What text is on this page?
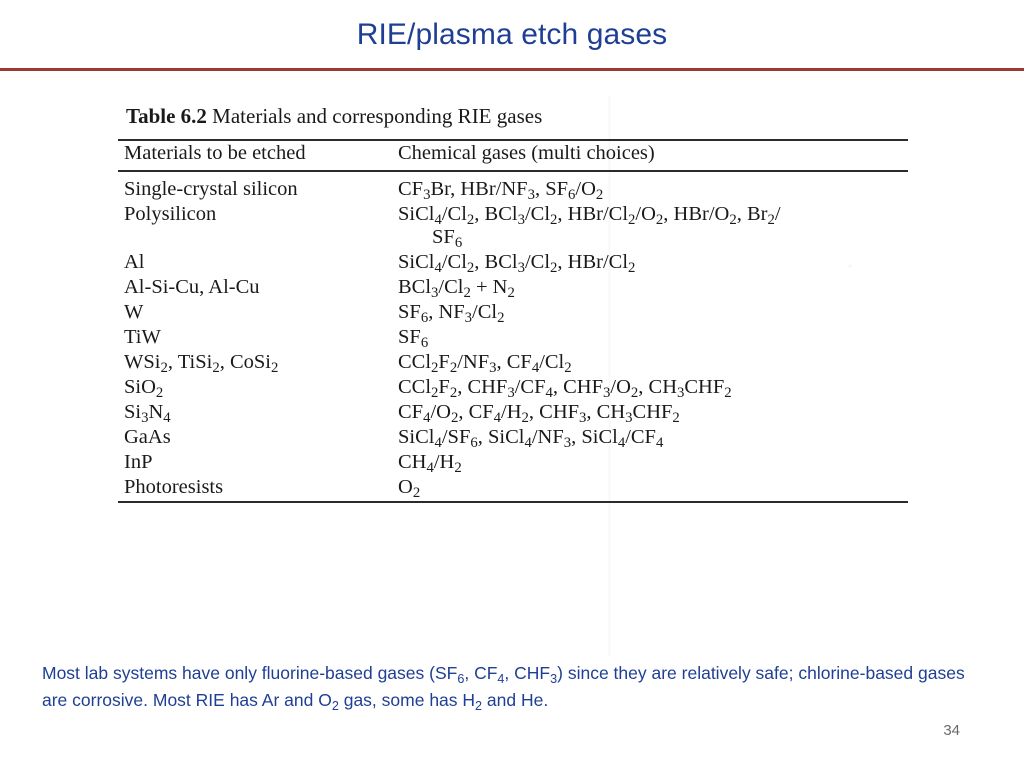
RIE/plasma etch gases
Table 6.2 Materials and corresponding RIE gases
Materials to be etched	Chemical gases (multi choices)
Single-crystal silicon	$CF_3Br$, HBr/$NF_3$, $SF_6/O_2$
Polysilicon	$SiCl_4/Cl_2$, $BCl_3/Cl_2$, HBr/$Cl_2/O_2$, HBr/$O_2$, $Br_2/$
$SF_6$

Al	$SiCl_4/Cl_2$, $BCl_3/Cl_2$, HBr/$Cl_2$
Al-Si-Cu, Al-Cu	$BCl_3/Cl_2 + N_2$
W	$SF_6$, $NF_3/Cl_2$
TiW	$SF_6$
WSi$_2$, TiSi$_2$, CoSi$_2$	$CCl_2F_2/NF_3$, $CF_4/Cl_2$
SiO$_2$	$CCl_2F_2$, $CHF_3/CF_4$, $CHF_3/O_2$, $CH_3CHF_2$
$Si_3N_4$	$CF_4/O_2$, $CF_4/H_2$, $CHF_3$, $CH_3CHF_2$
GaAs	$SiCl_4/SF_6$, $SiCl_4/NF_3$, $SiCl_4/CF_4$
InP	$CH_4/H_2$
Photoresists	$O_2$
Most lab systems have only fluorine-based gases ($SF_6$, $CF_4$, $CHF_3$) since they are relatively safe; chlorine-based gases are corrosive. Most RIE has Ar and $O_2$ gas, some has $H_2$ and He.
34
